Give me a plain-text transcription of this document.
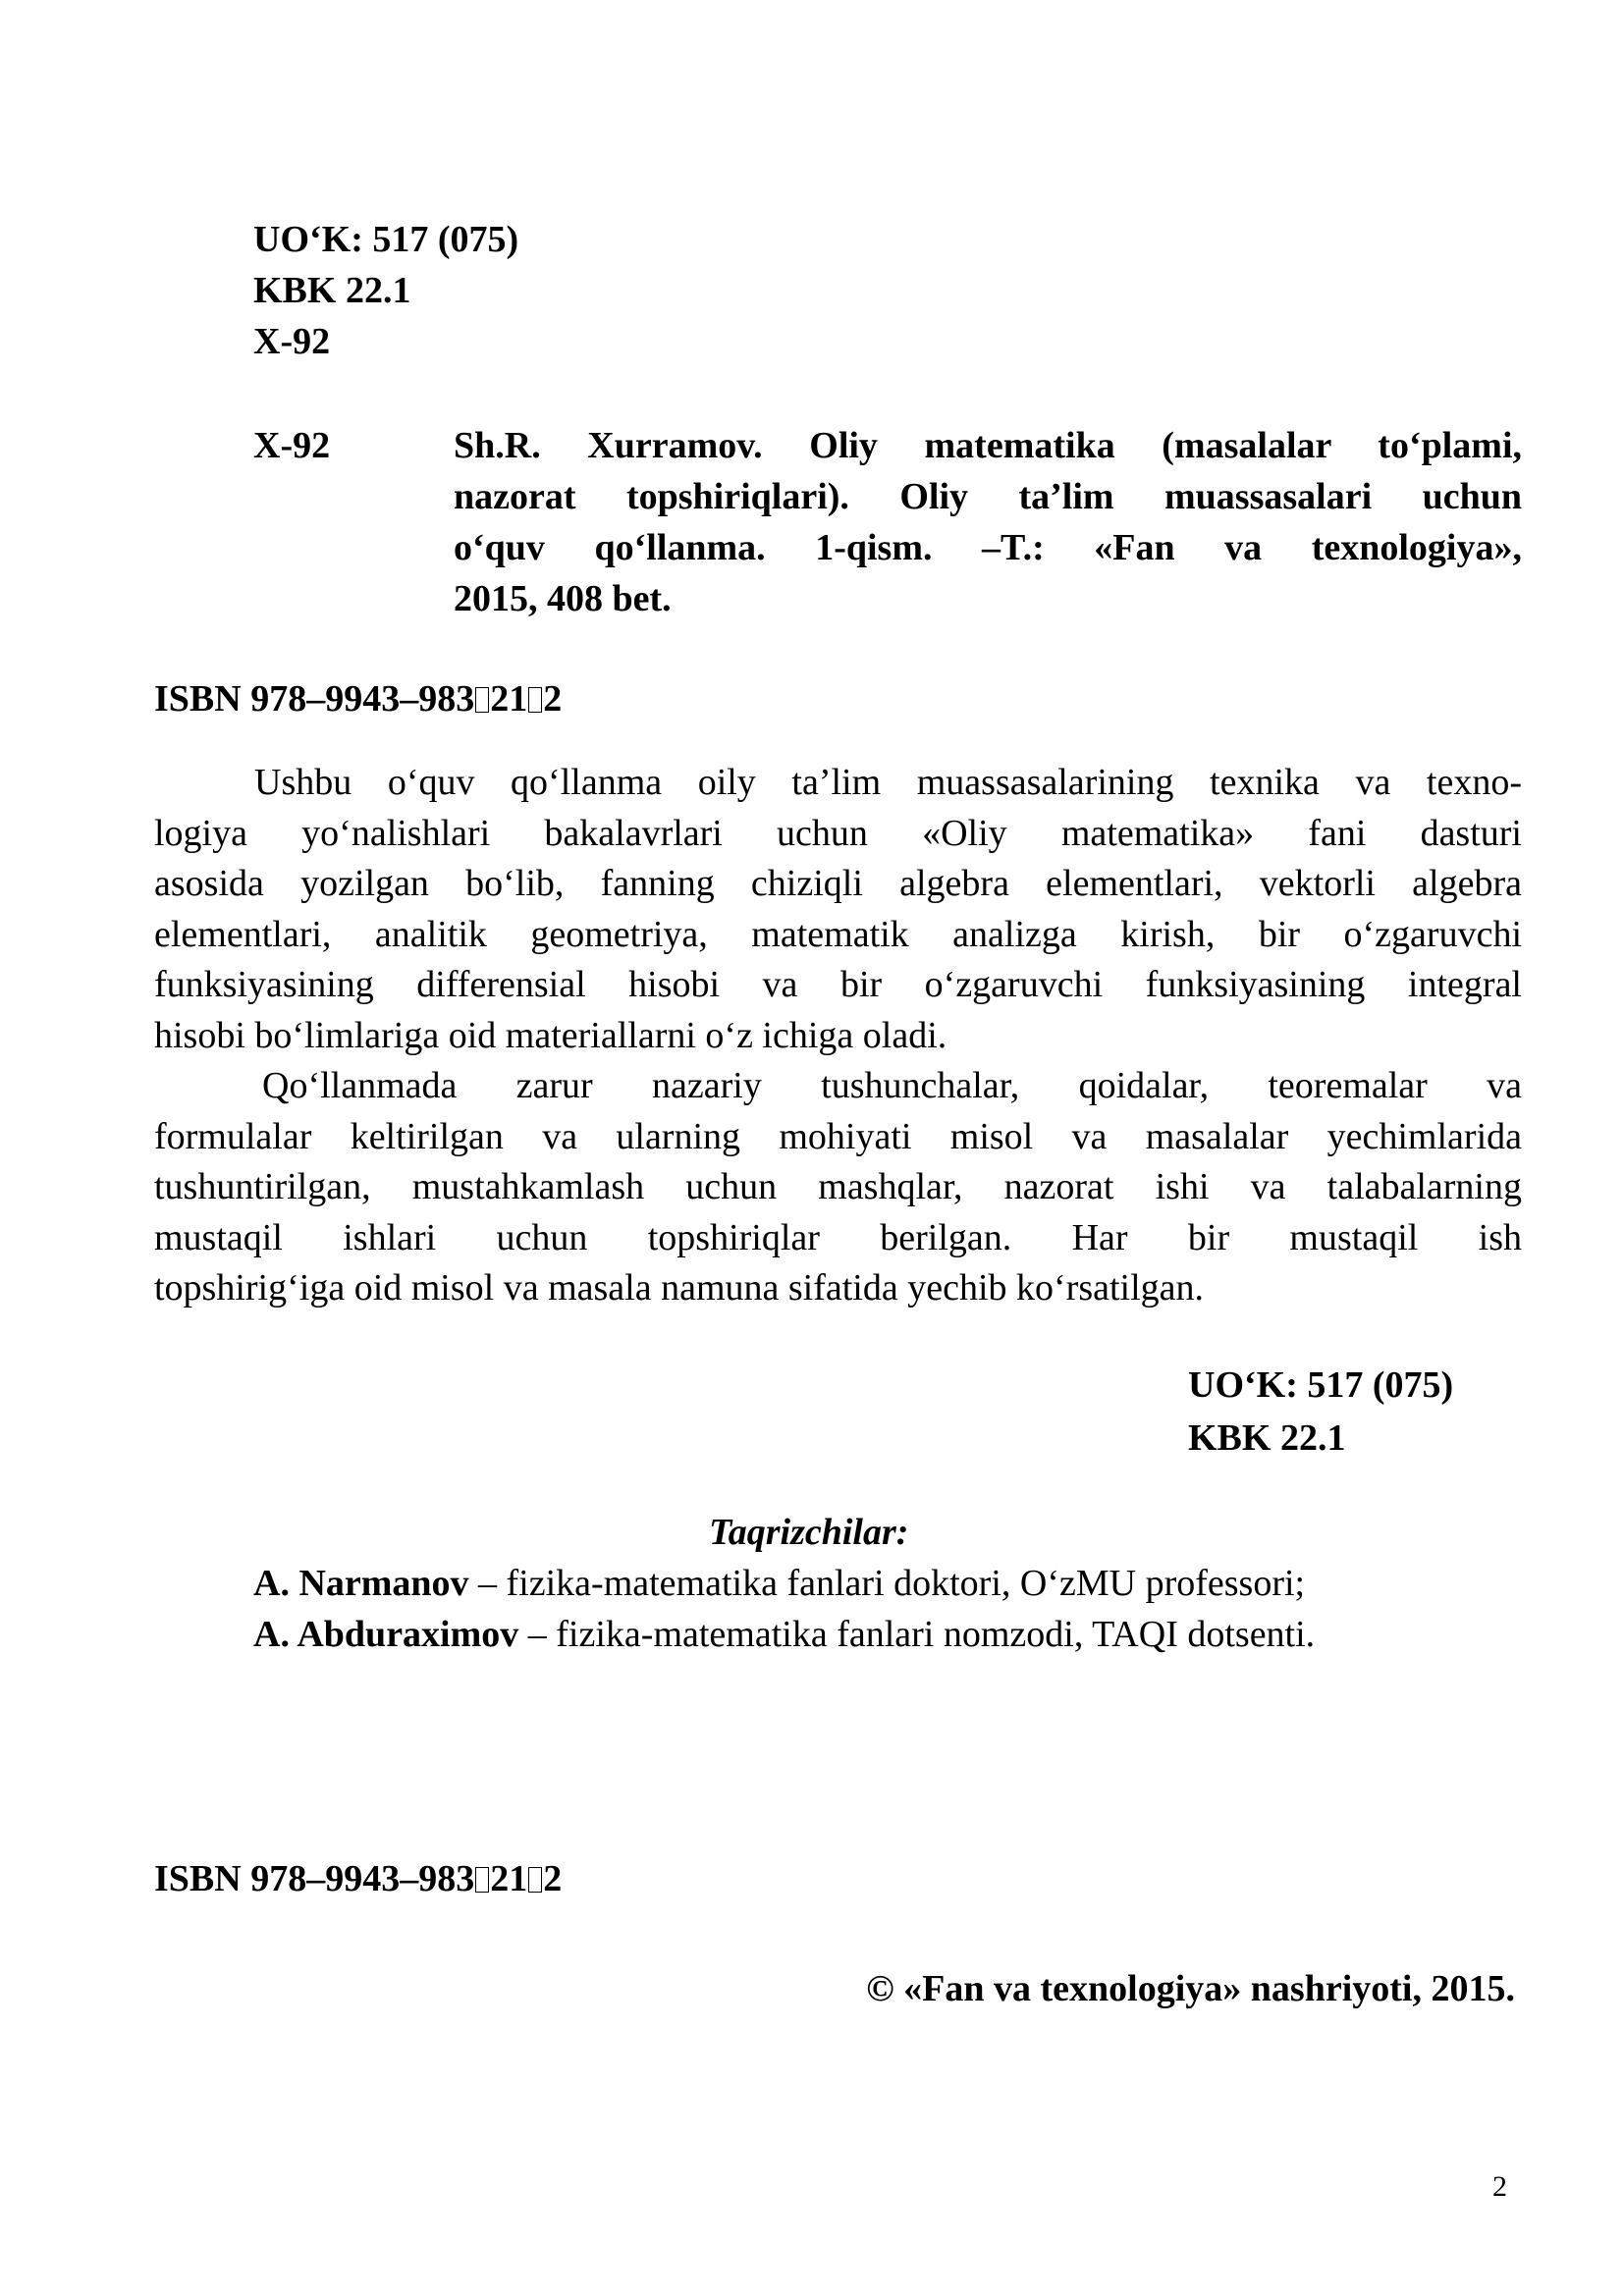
UO‘K: 517 (075)
KBK 22.1
X-92
X-92	Sh.R. Xurramov. Oliy matematika (masalalar to‘plami,
nazorat topshiriqlari). Oliy ta’lim muassasalari uchun
o‘quv qo‘llanma. 1-qism. –T.: «Fan va texnologiya»,
2015, 408 bet.
ISBN 978–9943–983 21 2
Ushbu o‘quv qo‘llanma oily ta’lim muassasalarining texnika va texno-
logiya yo‘nalishlari bakalavrlari uchun «Oliy matematika» fani dasturi
asosida yozilgan bo‘lib, fanning chiziqli algebra elementlari, vektorli algebra
elementlari, analitik geometriya, matematik analizga kirish, bir o‘zgaruvchi
funksiyasining differensial hisobi va bir o‘zgaruvchi funksiyasining integral
hisobi bo‘limlariga oid materiallarni o‘z ichiga oladi.
Qo‘llanmada zarur nazariy tushunchalar, qoidalar, teoremalar va
formulalar keltirilgan va ularning mohiyati misol va masalalar yechimlarida
tushuntirilgan, mustahkamlash uchun mashqlar, nazorat ishi va talabalarning
mustaqil ishlari uchun topshiriqlar berilgan. Har bir mustaqil ish
topshirig‘iga oid misol va masala namuna sifatida yechib ko‘rsatilgan.
UO‘K: 517 (075)
KBK 22.1
Taqrizchilar:
A. Narmanov – fizika-matematika fanlari doktori, O‘zMU professori;
A. Abduraximov – fizika-matematika fanlari nomzodi, TAQI dotsenti.
ISBN 978–9943–983 21 2
© «Fan va texnologiya» nashriyoti, 2015.
2
